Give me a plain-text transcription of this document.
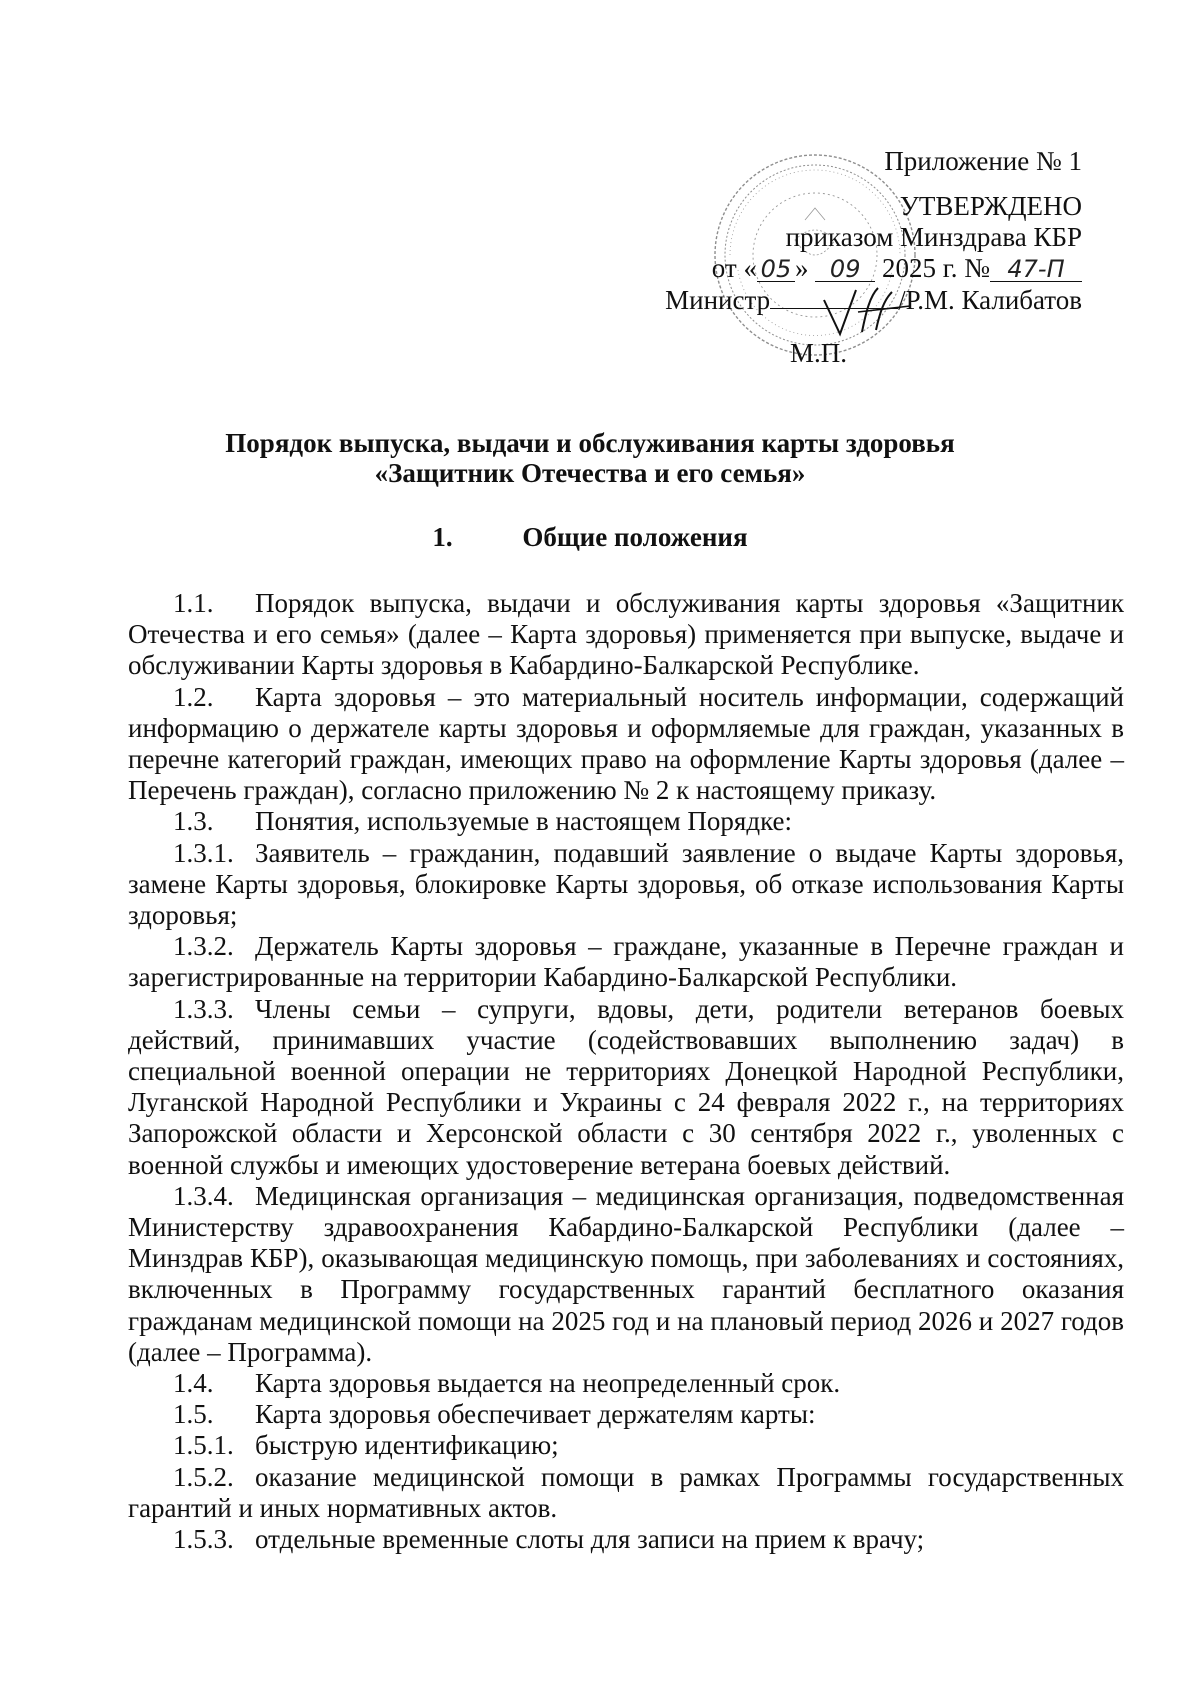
Приложение № 1
УТВЕРЖДЕНО
приказом Минздрава КБР
от « 05 » 09 2025 г. № 47-П
Министр	/Р.М. Калибатов
М.П.
Порядок выпуска, выдачи и обслуживания карты здоровья
«Защитник Отечества и его семья»
1.	Общие положения

1.1. Порядок выпуска, выдачи и обслуживания карты здоровья «Защитник Отечества и его семья» (далее – Карта здоровья) применяется при выпуске, выдаче и обслуживании Карты здоровья в Кабардино-Балкарской Республике.

1.2. Карта здоровья – это материальный носитель информации, содержащий информацию о держателе карты здоровья и оформляемые для граждан, указанных в перечне категорий граждан, имеющих право на оформление Карты здоровья (далее – Перечень граждан), согласно приложению № 2 к настоящему приказу.

1.3. Понятия, используемые в настоящем Порядке:

1.3.1. Заявитель – гражданин, подавший заявление о выдаче Карты здоровья, замене Карты здоровья, блокировке Карты здоровья, об отказе использования Карты здоровья;

1.3.2. Держатель Карты здоровья – граждане, указанные в Перечне граждан и зарегистрированные на территории Кабардино-Балкарской Республики.

1.3.3. Члены семьи – супруги, вдовы, дети, родители ветеранов боевых действий, принимавших участие (содействовавших выполнению задач) в специальной военной операции не территориях Донецкой Народной Республики, Луганской Народной Республики и Украины с 24 февраля 2022 г., на территориях Запорожской области и Херсонской области с 30 сентября 2022 г., уволенных с военной службы и имеющих удостоверение ветерана боевых действий.

1.3.4. Медицинская организация – медицинская организация, подведомственная Министерству здравоохранения Кабардино-Балкарской Республики (далее – Минздрав КБР), оказывающая медицинскую помощь, при заболеваниях и состояниях, включенных в Программу государственных гарантий бесплатного оказания гражданам медицинской помощи на 2025 год и на плановый период 2026 и 2027 годов (далее – Программа).

1.4. Карта здоровья выдается на неопределенный срок.

1.5. Карта здоровья обеспечивает держателям карты:

1.5.1. быструю идентификацию;

1.5.2. оказание медицинской помощи в рамках Программы государственных гарантий и иных нормативных актов.

1.5.3. отдельные временные слоты для записи на прием к врачу;
